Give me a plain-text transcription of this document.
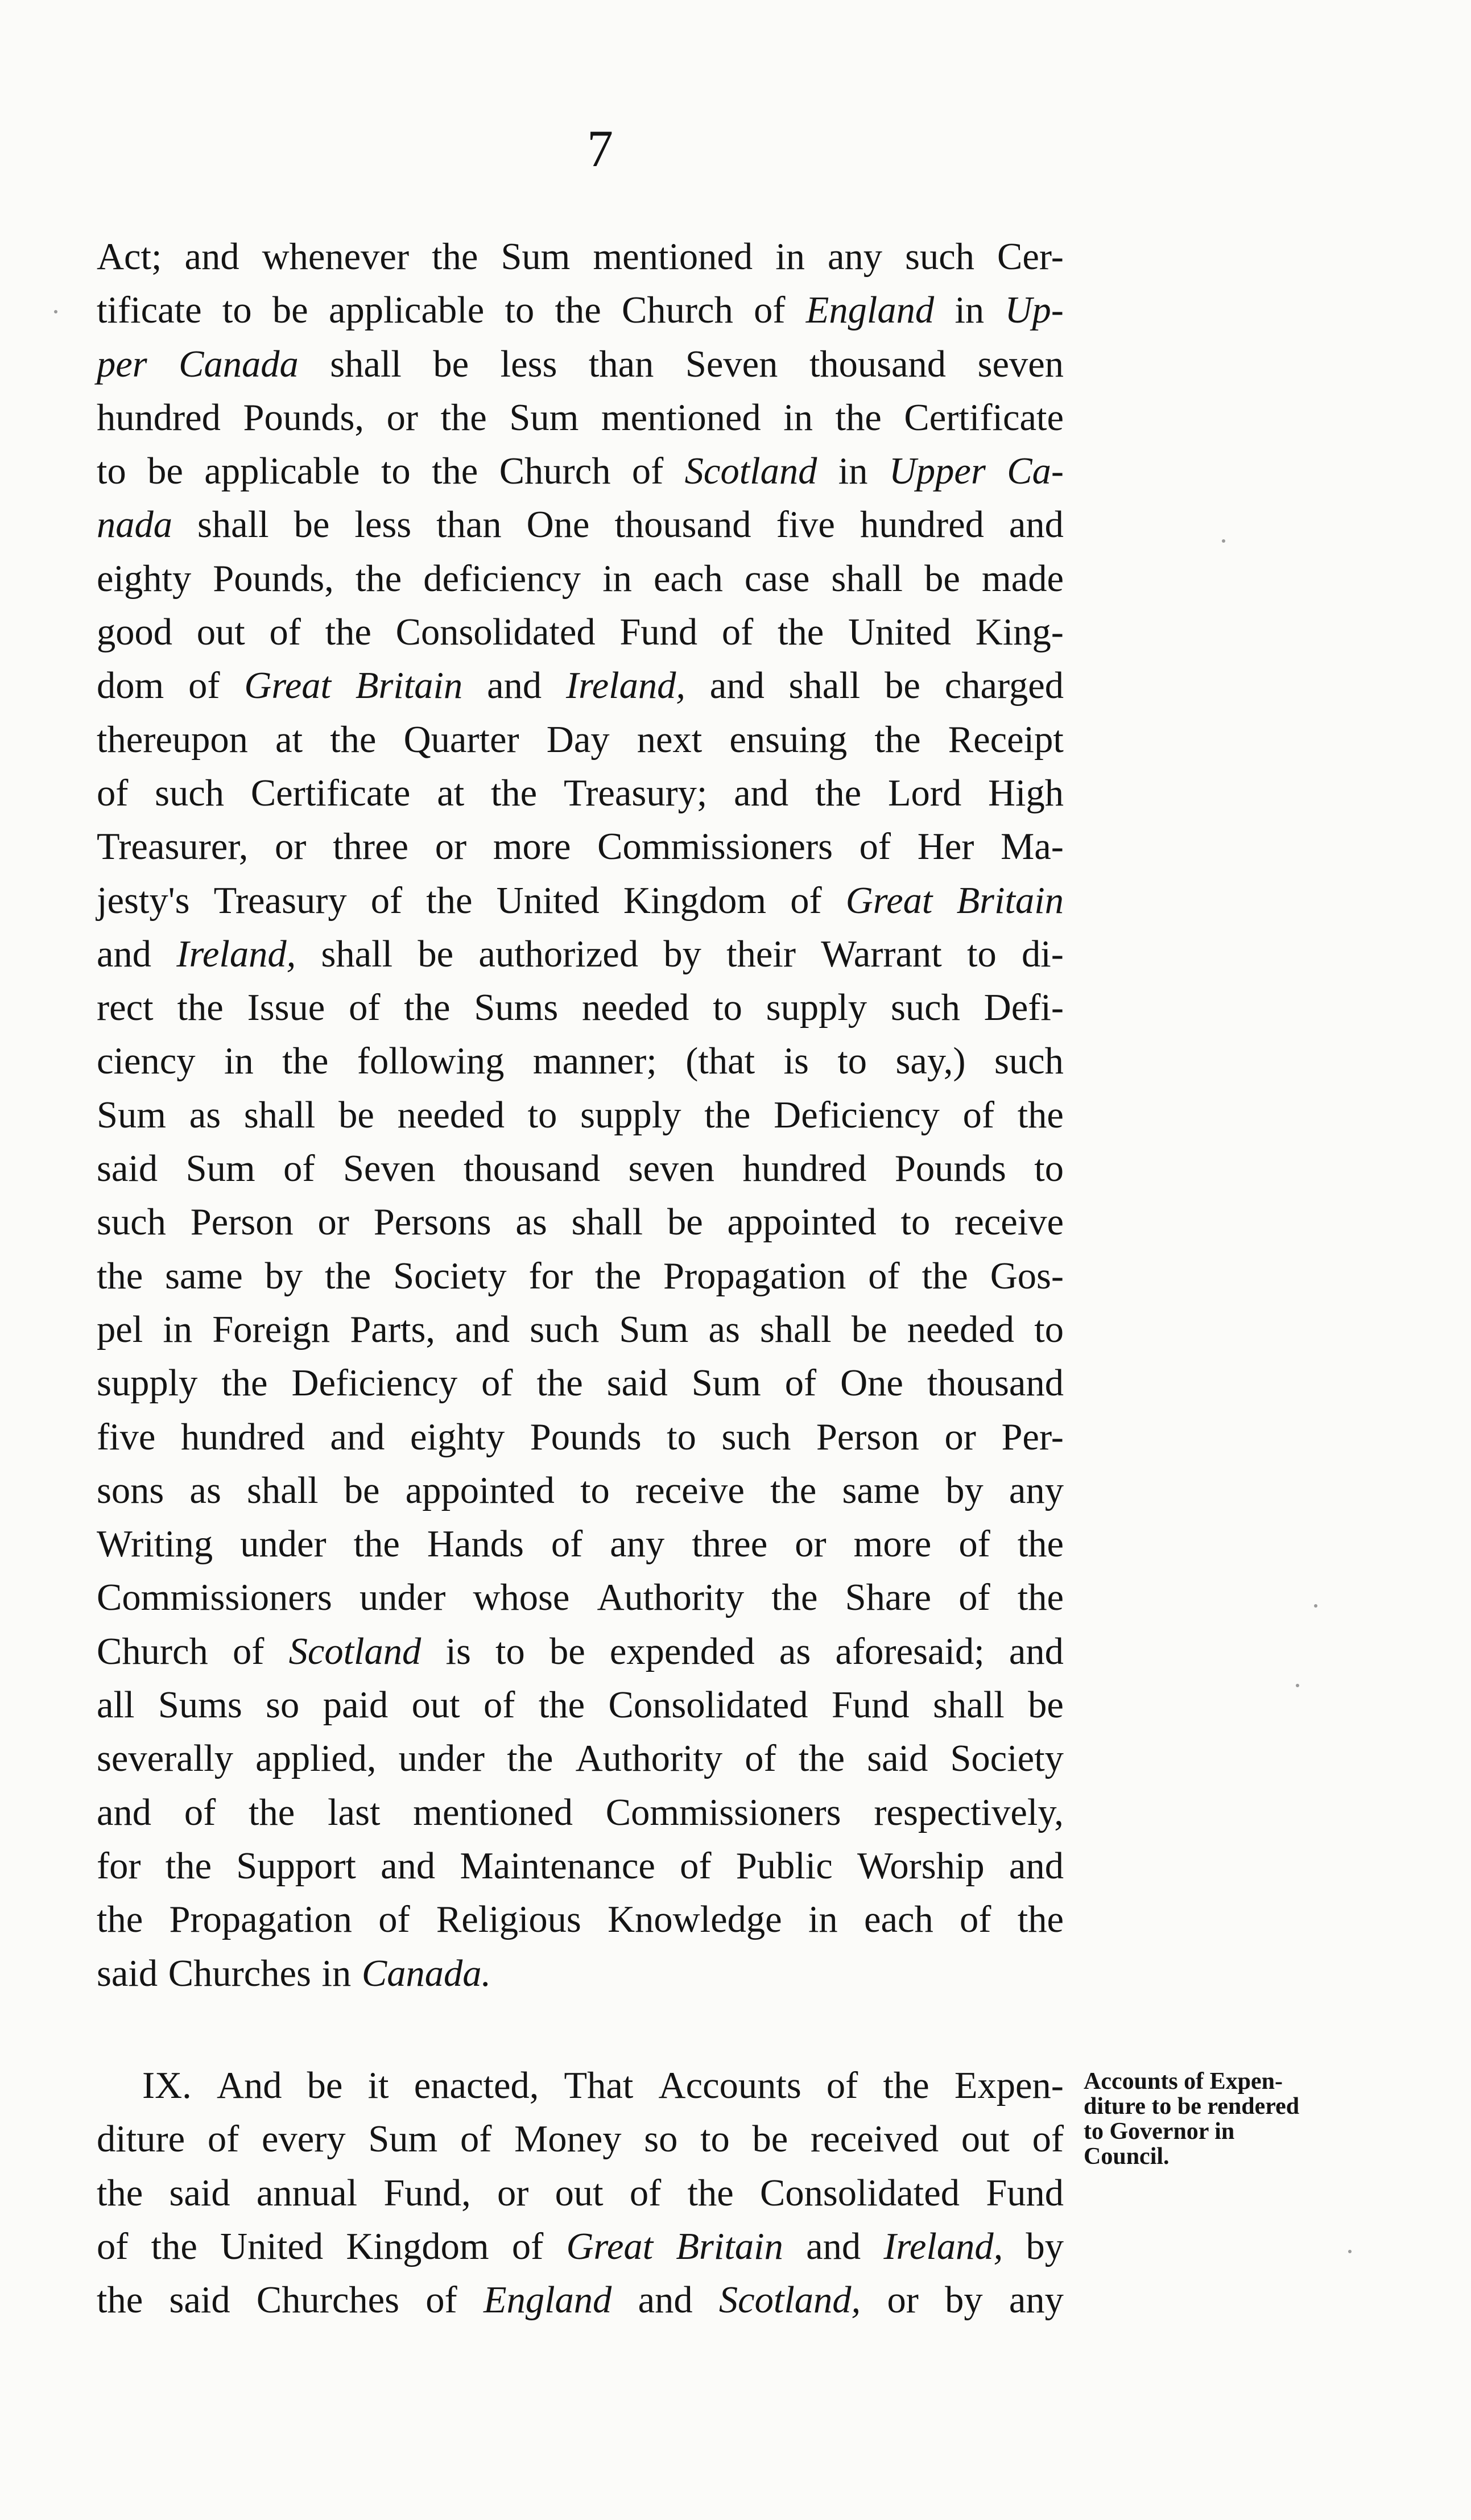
7
Act; and whenever the Sum mentioned in any such Cer-
tificate to be applicable to the Church of England in Up-
per Canada shall be less than Seven thousand seven
hundred Pounds, or the Sum mentioned in the Certificate
to be applicable to the Church of Scotland in Upper Ca-
nada shall be less than One thousand five hundred and
eighty Pounds, the deficiency in each case shall be made
good out of the Consolidated Fund of the United King-
dom of Great Britain and Ireland, and shall be charged
thereupon at the Quarter Day next ensuing the Receipt
of such Certificate at the Treasury; and the Lord High
Treasurer, or three or more Commissioners of Her Ma-
jesty's Treasury of the United Kingdom of Great Britain
and Ireland, shall be authorized by their Warrant to di-
rect the Issue of the Sums needed to supply such Defi-
ciency in the following manner; (that is to say,) such
Sum as shall be needed to supply the Deficiency of the
said Sum of Seven thousand seven hundred Pounds to
such Person or Persons as shall be appointed to receive
the same by the Society for the Propagation of the Gos-
pel in Foreign Parts, and such Sum as shall be needed to
supply the Deficiency of the said Sum of One thousand
five hundred and eighty Pounds to such Person or Per-
sons as shall be appointed to receive the same by any
Writing under the Hands of any three or more of the
Commissioners under whose Authority the Share of the
Church of Scotland is to be expended as aforesaid; and
all Sums so paid out of the Consolidated Fund shall be
severally applied, under the Authority of the said Society
and of the last mentioned Commissioners respectively,
for the Support and Maintenance of Public Worship and
the Propagation of Religious Knowledge in each of the
said Churches in Canada.
IX. And be it enacted, That Accounts of the Expen-
diture of every Sum of Money so to be received out of
the said annual Fund, or out of the Consolidated Fund
of the United Kingdom of Great Britain and Ireland, by
the said Churches of England and Scotland, or by any
Accounts of Expen-
diture to be rendered
to Governor in
Council.
